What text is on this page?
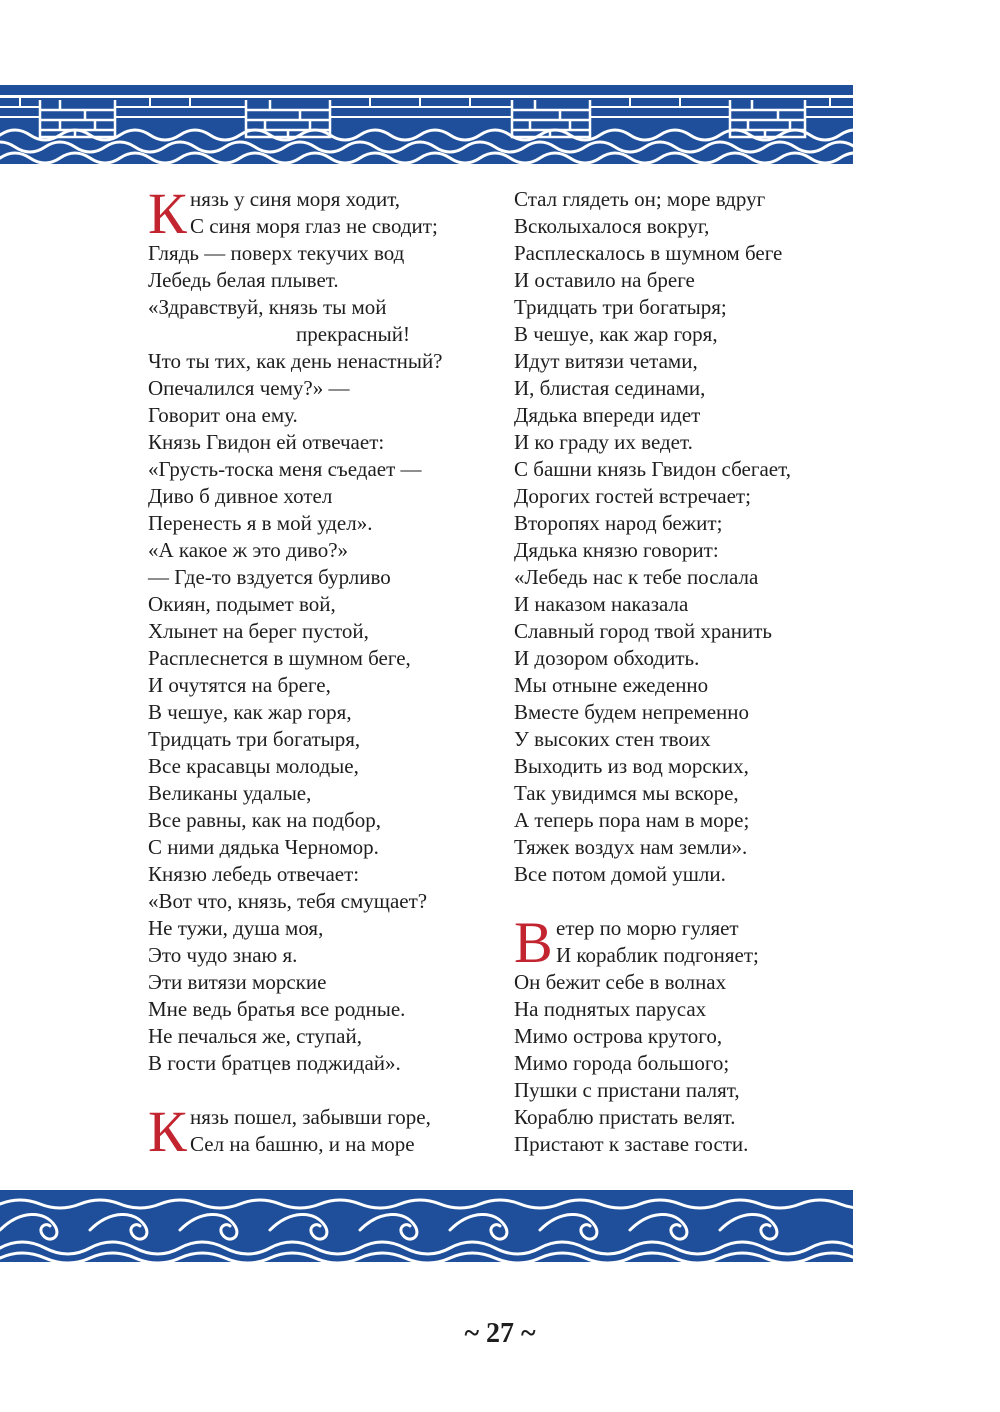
К нязь у синя моря ходит,
С синя моря глаз не сводит;
Глядь — поверх текучих вод
Лебедь белая плывет.
«Здравствуй, князь ты мой
прекрасный!
Что ты тих, как день ненастный?
Опечалился чему?» —
Говорит она ему.
Князь Гвидон ей отвечает:
«Грусть-тоска меня съедает —
Диво б дивное хотел
Перенесть я в мой удел».
«А какое ж это диво?»
— Где-то вздуется бурливо
Окиян, подымет вой,
Хлынет на берег пустой,
Расплеснется в шумном беге,
И очутятся на бреге,
В чешуе, как жар горя,
Тридцать три богатыря,
Все красавцы молодые,
Великаны удалые,
Все равны, как на подбор,
С ними дядька Черномор.
Князю лебедь отвечает:
«Вот что, князь, тебя смущает?
Не тужи, душа моя,
Это чудо знаю я.
Эти витязи морские
Мне ведь братья все родные.
Не печалься же, ступай,
В гости братцев поджидай».
К нязь пошел, забывши горе,
Сел на башню, и на море
Стал глядеть он; море вдруг
Всколыхалося вокруг,
Расплескалось в шумном беге
И оставило на бреге
Тридцать три богатыря;
В чешуе, как жар горя,
Идут витязи четами,
И, блистая сединами,
Дядька впереди идет
И ко граду их ведет.
С башни князь Гвидон сбегает,
Дорогих гостей встречает;
Второпях народ бежит;
Дядька князю говорит:
«Лебедь нас к тебе послала
И наказом наказала
Славный город твой хранить
И дозором обходить.
Мы отныне ежеденно
Вместе будем непременно
У высоких стен твоих
Выходить из вод морских,
Так увидимся мы вскоре,
А теперь пора нам в море;
Тяжек воздух нам земли».
Все потом домой ушли.
В етер по морю гуляет
И кораблик подгоняет;
Он бежит себе в волнах
На поднятых парусах
Мимо острова крутого,
Мимо города большого;
Пушки с пристани палят,
Кораблю пристать велят.
Пристают к заставе гости.
~ 27 ~
